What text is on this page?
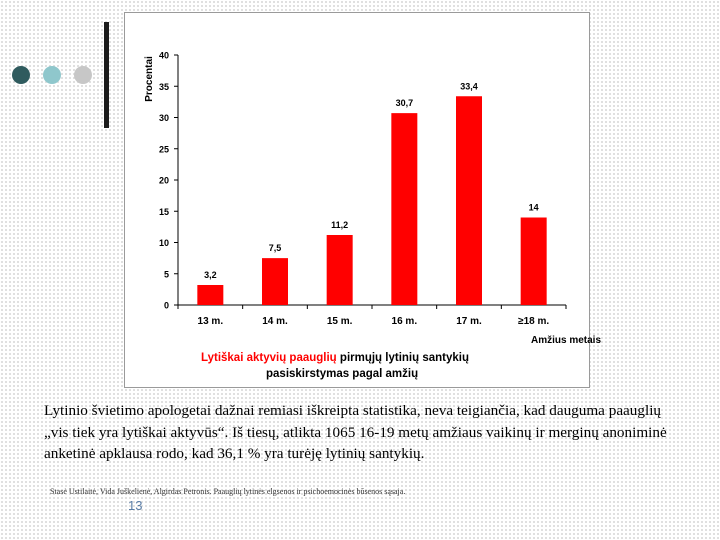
Procentai
Amžius metais
Lytiškai aktyvių paauglių pirmųjų lytinių santykių
pasiskirstymas pagal amžių
0
5
10
15
20
25
30
35
40
3,2
13 m.
7,5
14 m.
11,2
15 m.
30,7
16 m.
33,4
17 m.
14
≥18 m.

Lytinio švietimo apologetai dažnai remiasi iškreipta statistika, neva teigiančia, kad dauguma paauglių „vis tiek yra lytiškai aktyvūs“. Iš tiesų, atlikta 1065 16-19 metų amžiaus vaikinų ir merginų anoniminė anketinė apklausa rodo, kad 36,1 % yra turėję lytinių santykių.

Stasė Ustilaitė, Vida Juškelienė, Algirdas Petronis. Paauglių lytinės elgsenos ir psichoemocinės būsenos sąsaja.
13
